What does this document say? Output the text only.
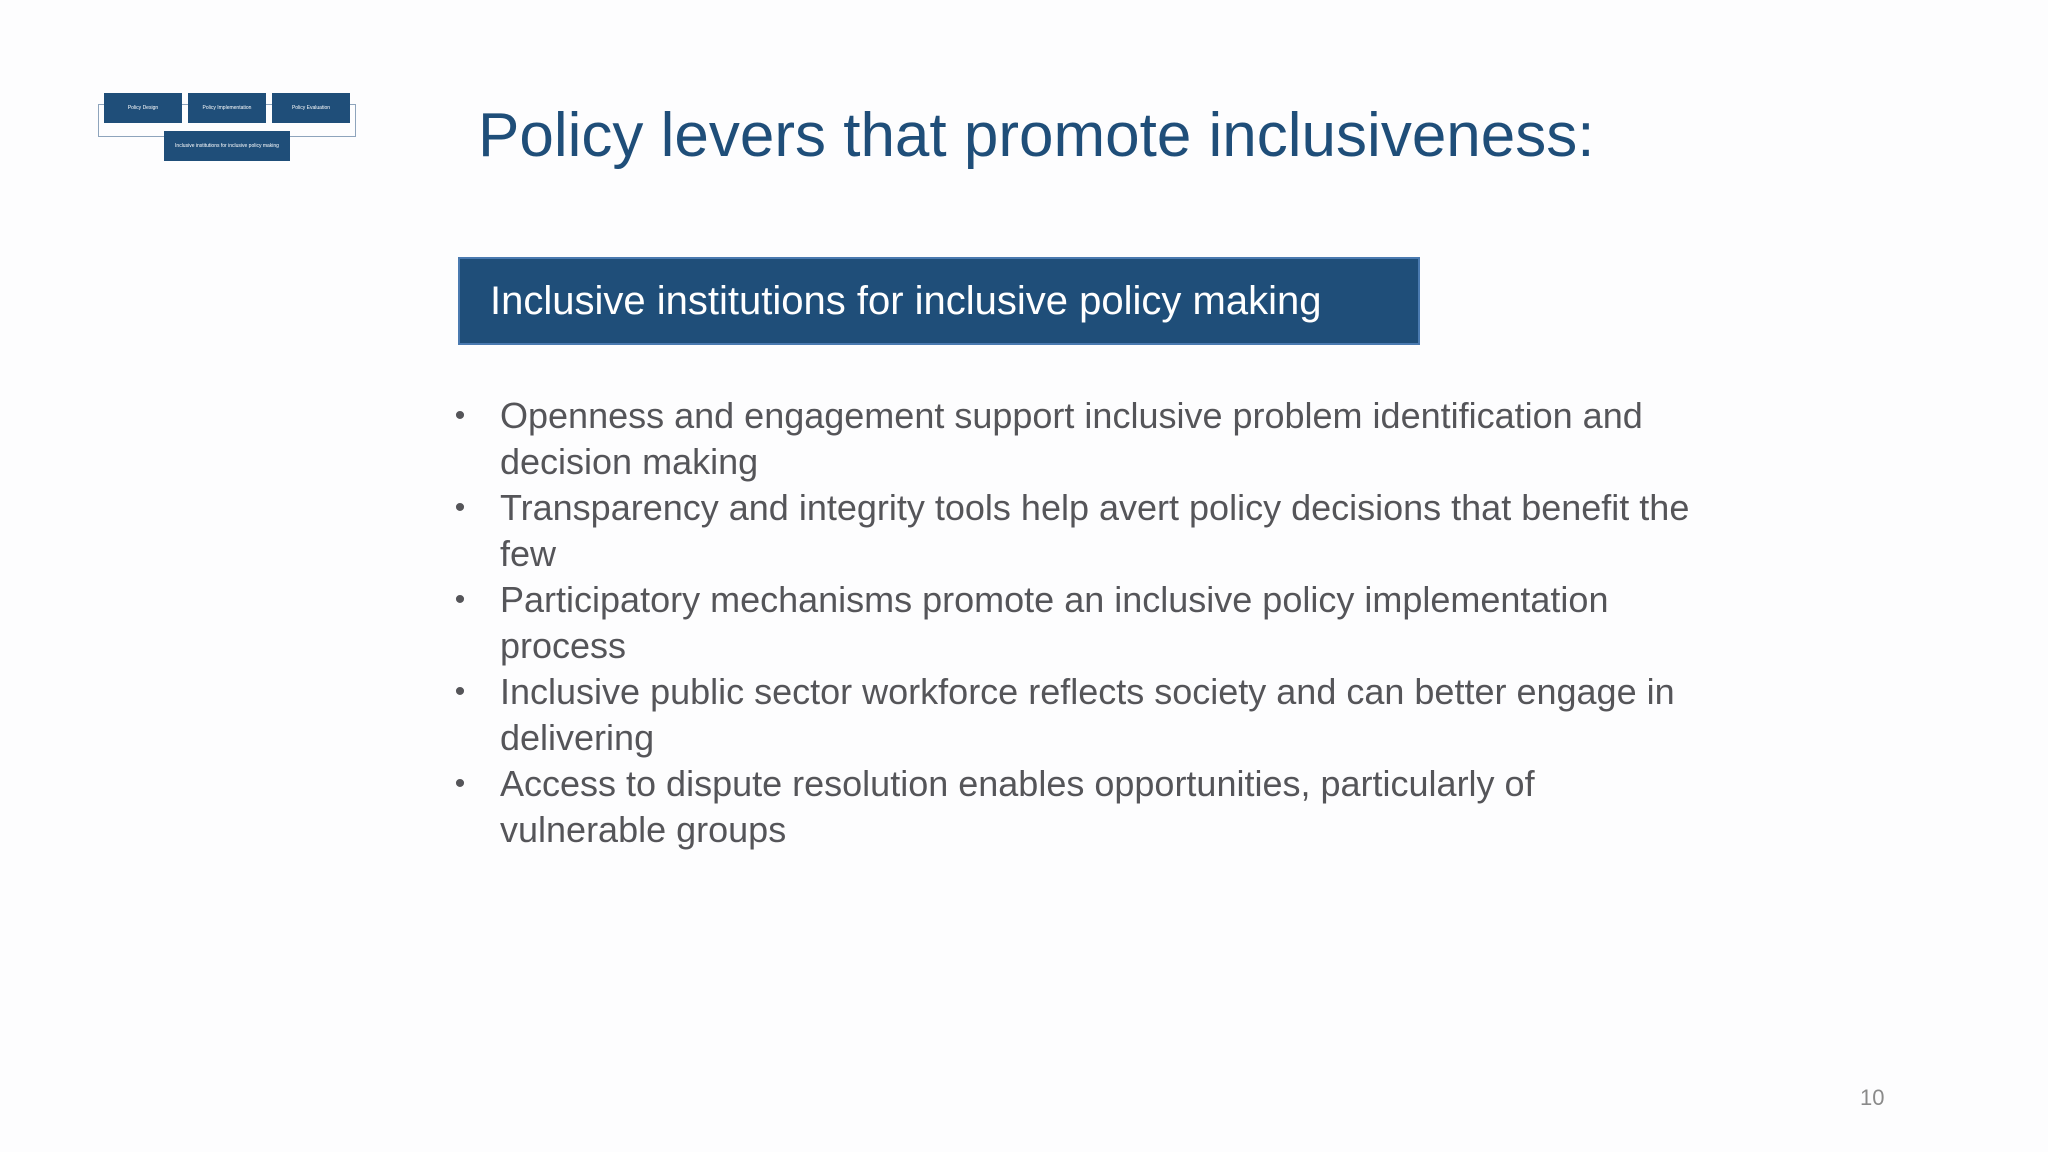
Policy Design	Policy Implementation	Policy Evaluation
Inclusive institutions for inclusive policy making	Policy levers that promote inclusiveness:
Inclusive institutions for inclusive policy making
• Openness and engagement support inclusive problem identification and decision making
• Transparency and integrity tools help avert policy decisions that benefit the few
• Participatory mechanisms promote an inclusive policy implementation process
• Inclusive public sector workforce reflects society and can better engage in delivering
• Access to dispute resolution enables opportunities, particularly of vulnerable groups
10
